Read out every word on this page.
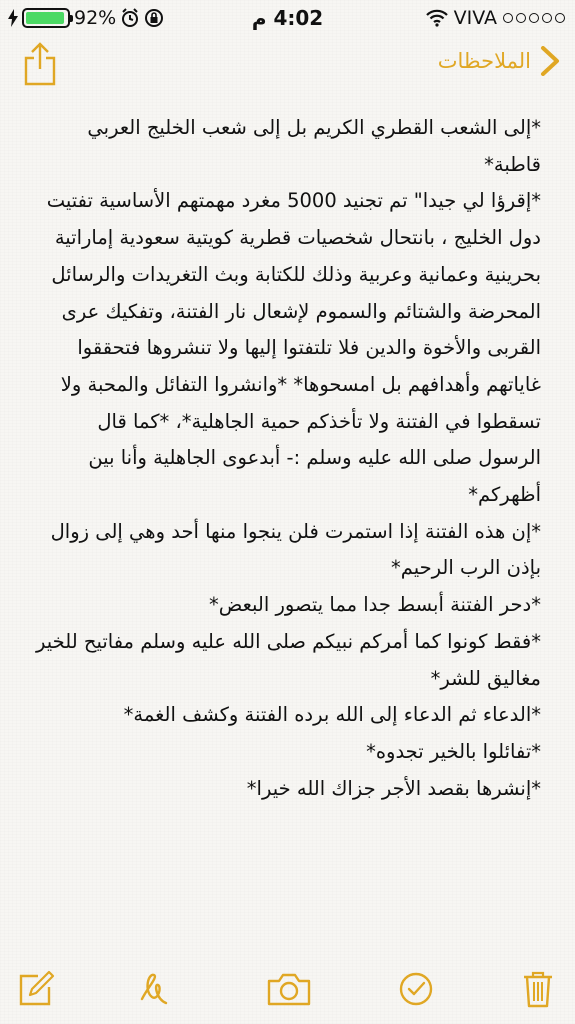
92%	4:02 م	VIVA
الملاحظات

*إلى الشعب القطري الكريم بل إلى شعب الخليج العربي قاطبة*

*إقرؤا لي جيدا" تم تجنيد 5000 مغرد مهمتهم الأساسية تفتيت دول الخليج ، بانتحال شخصيات قطرية كويتية سعودية إماراتية بحرينية وعمانية وعربية وذلك للكتابة وبث التغريدات والرسائل المحرضة والشتائم والسموم لإشعال نار الفتنة، وتفكيك عرى القربى والأخوة والدين فلا تلتفتوا إليها ولا تنشروها فتحققوا غاياتهم وأهدافهم بل امسحوها* *وانشروا التفائل والمحبة ولا تسقطوا في الفتنة ولا تأخذكم حمية الجاهلية*، *كما قال الرسول صلى الله عليه وسلم :- أبدعوى الجاهلية وأنا بين أظهركم*

*إن هذه الفتنة إذا استمرت فلن ينجوا منها أحد وهي إلى زوال بإذن الرب الرحيم*

*دحر الفتنة أبسط جدا مما يتصور البعض*

*فقط كونوا كما أمركم نبيكم صلى الله عليه وسلم مفاتيح للخير مغاليق للشر*

*الدعاء ثم الدعاء إلى الله برده الفتنة وكشف الغمة*

*تفائلوا بالخير تجدوه*

*إنشرها بقصد الأجر جزاك الله خيرا*
